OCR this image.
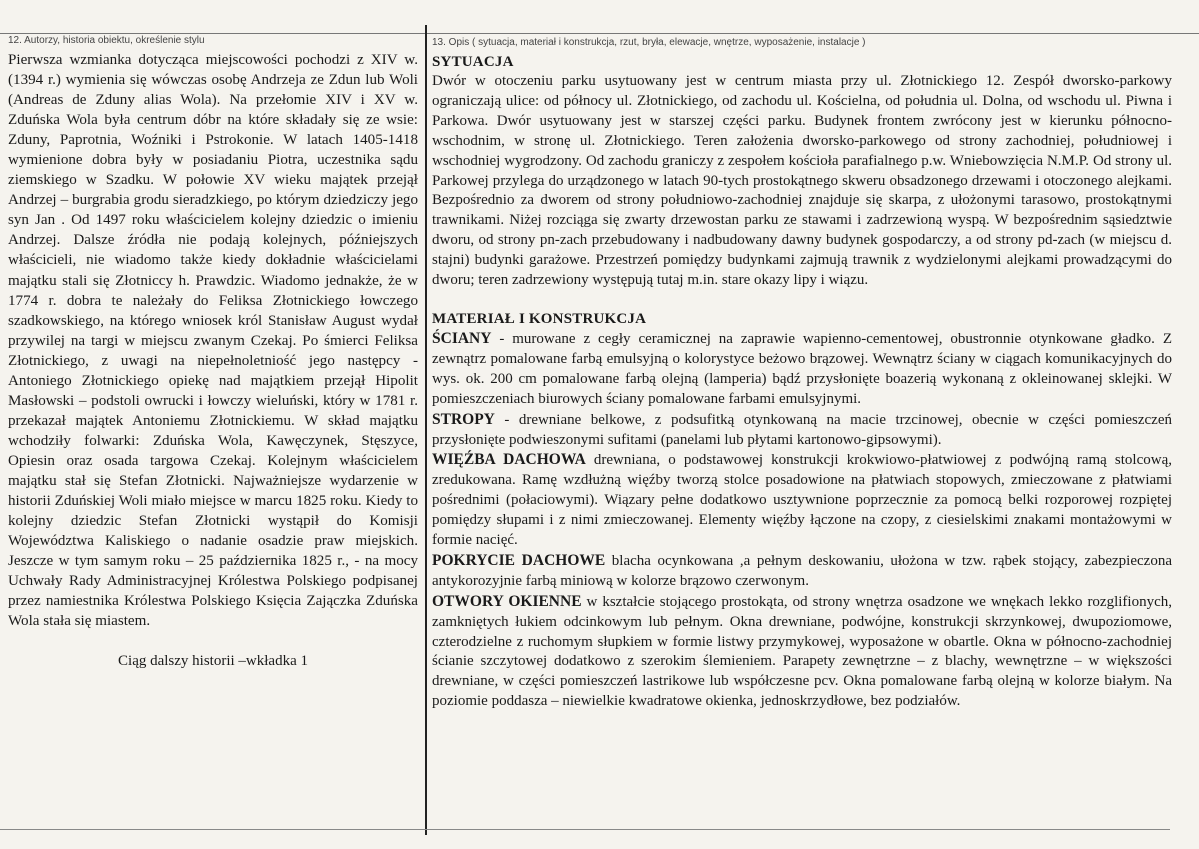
12. Autorzy, historia obiektu, określenie stylu

Pierwsza wzmianka dotycząca miejscowości pochodzi z XIV w. (1394 r.) wymienia się wówczas osobę Andrzeja ze Zdun lub Woli (Andreas de Zduny alias Wola). Na przełomie XIV i XV w. Zduńska Wola była centrum dóbr na które składały się ze wsie: Zduny, Paprotnia, Woźniki i Pstrokonie. W latach 1405-1418 wymienione dobra były w posiadaniu Piotra, uczestnika sądu ziemskiego w Szadku. W połowie XV wieku majątek przejął Andrzej – burgrabia grodu sieradzkiego, po którym dziedziczy jego syn Jan . Od 1497 roku właścicielem kolejny dziedzic o imieniu Andrzej. Dalsze źródła nie podają kolejnych, późniejszych właścicieli, nie wiadomo także kiedy dokładnie właścicielami majątku stali się Złotniccy h. Prawdzic. Wiadomo jednakże, że w 1774 r. dobra te należały do Feliksa Złotnickiego łowczego szadkowskiego, na którego wniosek król Stanisław August wydał przywilej na targi w miejscu zwanym Czekaj. Po śmierci Feliksa Złotnickiego, z uwagi na niepełnoletniość jego następcy - Antoniego Złotnickiego opiekę nad majątkiem przejął Hipolit Masłowski – podstoli owrucki i łowczy wieluński, który w 1781 r. przekazał majątek Antoniemu Złotnickiemu. W skład majątku wchodziły folwarki: Zduńska Wola, Kawęczynek, Stęszyce, Opiesin oraz osada targowa Czekaj. Kolejnym właścicielem majątku stał się Stefan Złotnicki. Najważniejsze wydarzenie w historii Zduńskiej Woli miało miejsce w marcu 1825 roku. Kiedy to kolejny dziedzic Stefan Złotnicki wystąpił do Komisji Województwa Kaliskiego o nadanie osadzie praw miejskich. Jeszcze w tym samym roku – 25 października 1825 r., - na mocy Uchwały Rady Administracyjnej Królestwa Polskiego podpisanej przez namiestnika Królestwa Polskiego Księcia Zajączka Zduńska Wola stała się miastem.

Ciąg dalszy historii –wkładka 1
13. Opis ( sytuacja, materiał i konstrukcja, rzut, bryła, elewacje, wnętrze, wyposażenie, instalacje )
SYTUACJA

Dwór w otoczeniu parku usytuowany jest w centrum miasta przy ul. Złotnickiego 12. Zespół dworsko-parkowy ograniczają ulice: od północy ul. Złotnickiego, od zachodu ul. Kościelna, od południa ul. Dolna, od wschodu ul. Piwna i Parkowa. Dwór usytuowany jest w starszej części parku. Budynek frontem zwrócony jest w kierunku północno-wschodnim, w stronę ul. Złotnickiego. Teren założenia dworsko-parkowego od strony zachodniej, południowej i wschodniej wygrodzony. Od zachodu graniczy z zespołem kościoła parafialnego p.w. Wniebowzięcia N.M.P. Od strony ul. Parkowej przylega do urządzonego w latach 90-tych prostokątnego skweru obsadzonego drzewami i otoczonego alejkami. Bezpośrednio za dworem od strony południowo-zachodniej znajduje się skarpa, z ułożonymi tarasowo, prostokątnymi trawnikami. Niżej rozciąga się zwarty drzewostan parku ze stawami i zadrzewioną wyspą. W bezpośrednim sąsiedztwie dworu, od strony pn-zach przebudowany i nadbudowany dawny budynek gospodarczy, a od strony pd-zach (w miejscu d. stajni) budynki garażowe. Przestrzeń pomiędzy budynkami zajmują trawnik z wydzielonymi alejkami prowadzącymi do dworu; teren zadrzewiony występują tutaj m.in. stare okazy lipy i wiązu.

MATERIAŁ I KONSTRUKCJA

ŚCIANY - murowane z cegły ceramicznej na zaprawie wapienno-cementowej, obustronnie otynkowane gładko. Z zewnątrz pomalowane farbą emulsyjną o kolorystyce beżowo brązowej. Wewnątrz ściany w ciągach komunikacyjnych do wys. ok. 200 cm pomalowane farbą olejną (lamperia) bądź przysłonięte boazerią wykonaną z okleinowanej sklejki. W pomieszczeniach biurowych ściany pomalowane farbami emulsyjnymi.

STROPY - drewniane belkowe, z podsufitką otynkowaną na macie trzcinowej, obecnie w części pomieszczeń przysłonięte podwieszonymi sufitami (panelami lub płytami kartonowo-gipsowymi).

WIĘŹBA DACHOWA drewniana, o podstawowej konstrukcji krokwiowo-płatwiowej z podwójną ramą stolcową, zredukowana. Ramę wzdłużną więźby tworzą stolce posadowione na płatwiach stopowych, zmieczowane z płatwiami pośrednimi (połaciowymi). Wiązary pełne dodatkowo usztywnione poprzecznie za pomocą belki rozporowej rozpiętej pomiędzy słupami i z nimi zmieczowanej. Elementy więźby łączone na czopy, z ciesielskimi znakami montażowymi w formie nacięć.

POKRYCIE DACHOWE blacha ocynkowana ,a pełnym deskowaniu, ułożona w tzw. rąbek stojący, zabezpieczona antykorozyjnie farbą miniową w kolorze brązowo czerwonym.

OTWORY OKIENNE w kształcie stojącego prostokąta, od strony wnętrza osadzone we wnękach lekko rozglifionych, zamkniętych łukiem odcinkowym lub pełnym. Okna drewniane, podwójne, konstrukcji skrzynkowej, dwupoziomowe, czterodzielne z ruchomym słupkiem w formie listwy przymykowej, wyposażone w obartle. Okna w północno-zachodniej ścianie szczytowej dodatkowo z szerokim ślemieniem. Parapety zewnętrzne – z blachy, wewnętrzne – w większości drewniane, w części pomieszczeń lastrikowe lub współczesne pcv. Okna pomalowane farbą olejną w kolorze białym. Na poziomie poddasza – niewielkie kwadratowe okienka, jednoskrzydłowe, bez podziałów.
